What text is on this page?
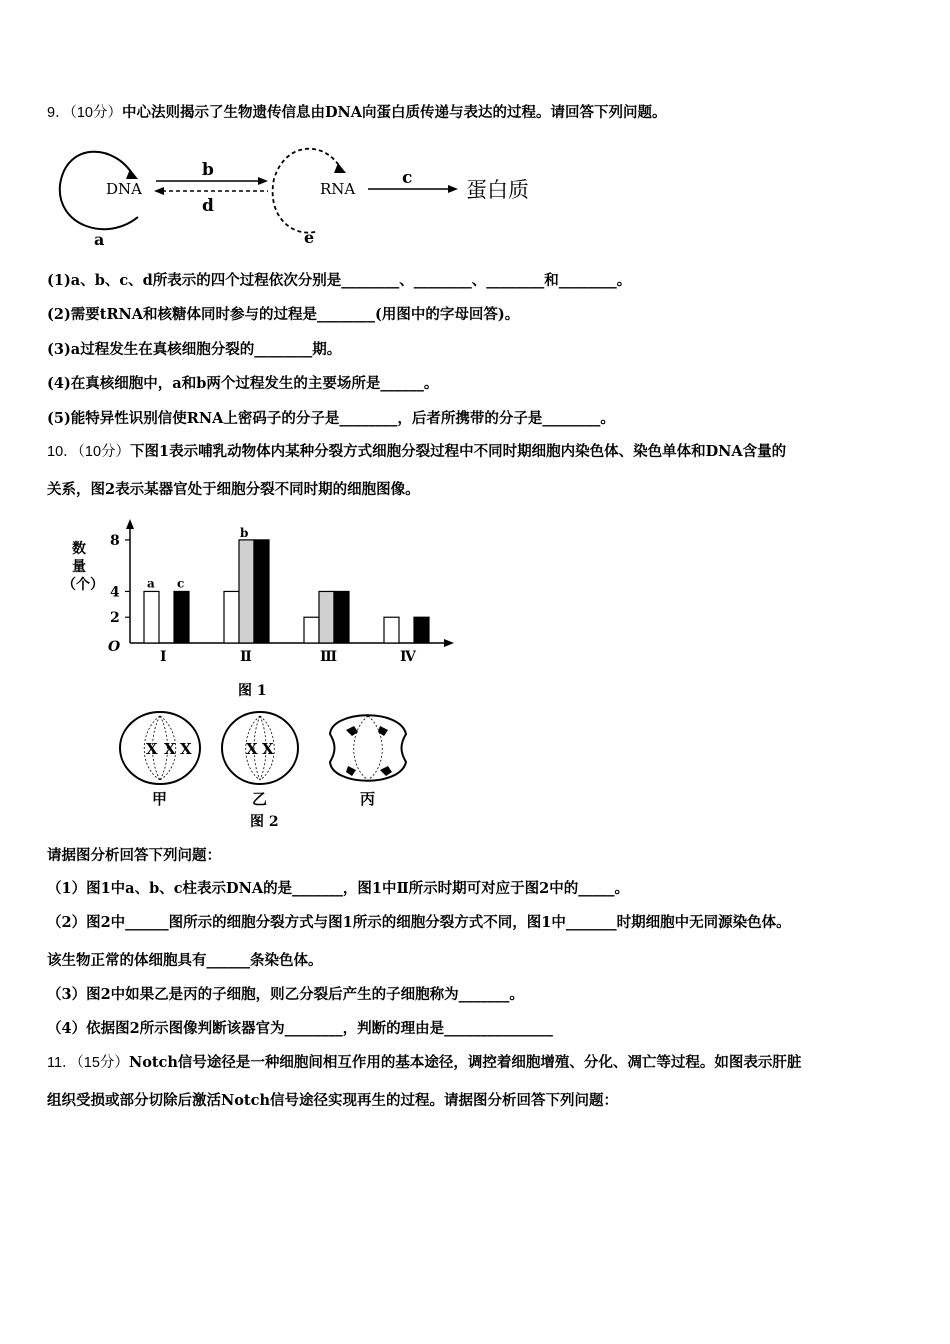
9．（10分）中心法则揭示了生物遗传信息由DNA向蛋白质传递与表达的过程。请回答下列问题。
DNA
a
b
d
RNA
e
c	蛋白质
(1)a、b、c、d所表示的四个过程依次分别是________、________、________和________。
(2)需要tRNA和核糖体同时参与的过程是________(用图中的字母回答)。
(3)a过程发生在真核细胞分裂的________期。
(4)在真核细胞中，a和b两个过程发生的主要场所是______。
(5)能特异性识别信使RNA上密码子的分子是________，后者所携带的分子是________。
10．（10分）下图1表示哺乳动物体内某种分裂方式细胞分裂过程中不同时期细胞内染色体、染色单体和DNA含量的
关系，图2表示某器官处于细胞分裂不同时期的细胞图像。
数
量
（个）
2
4
8
O
Ⅰ	Ⅱ	Ⅲ	Ⅳ
a c
b
图 1
X X X	X X
甲	乙	丙
图 2
请据图分析回答下列问题：
（1）图1中a、b、c柱表示DNA的是_______，图1中Ⅱ所示时期可对应于图2中的_____。
（2）图2中______图所示的细胞分裂方式与图1所示的细胞分裂方式不同，图1中_______时期细胞中无同源染色体。
该生物正常的体细胞具有______条染色体。
（3）图2中如果乙是丙的子细胞，则乙分裂后产生的子细胞称为_______。
（4）依据图2所示图像判断该器官为________，判断的理由是_______________
11．（15分）Notch信号途径是一种细胞间相互作用的基本途径，调控着细胞增殖、分化、凋亡等过程。如图表示肝脏
组织受损或部分切除后激活Notch信号途径实现再生的过程。请据图分析回答下列问题：
